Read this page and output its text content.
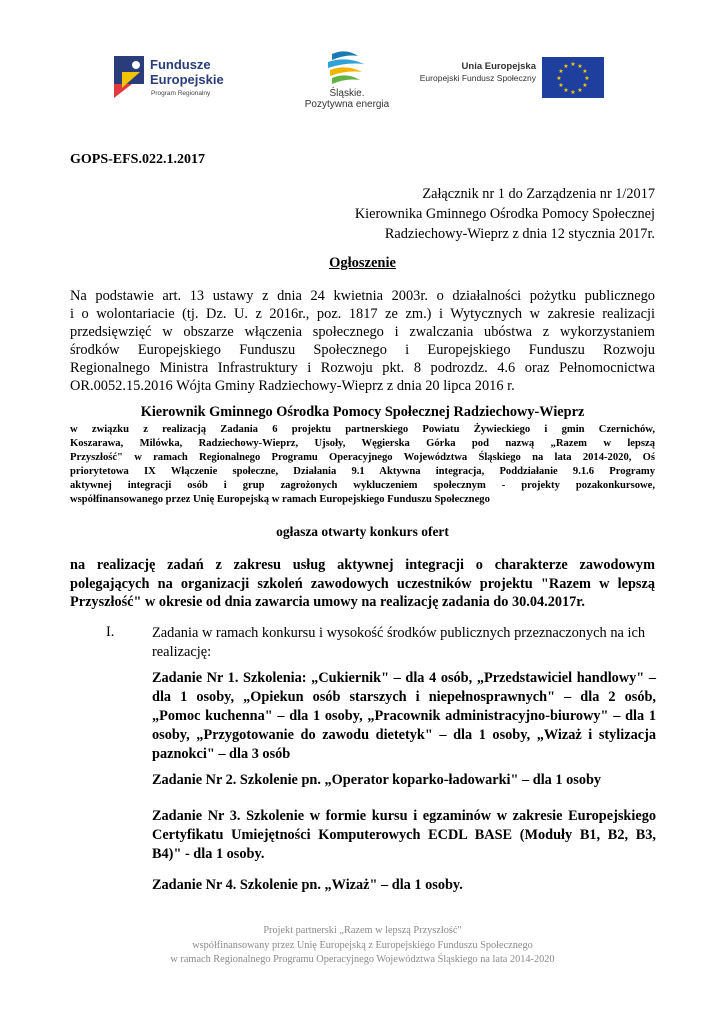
Fundusze
Europejskie
Program Regionalny	Śląskie.
Pozytywna energia
Unia Europejska
Europejski Fundusz Społeczny
★ ★
★
★
★
★
★
★
★
★
★
★
GOPS-EFS.022.1.2017
Załącznik nr 1 do Zarządzenia nr 1/2017
Kierownika Gminnego Ośrodka Pomocy Społecznej
Radziechowy-Wieprz z dnia 12 stycznia 2017r.
Ogłoszenie
Na podstawie art. 13 ustawy z dnia 24 kwietnia 2003r. o działalności pożytku publicznego
i o wolontariacie (tj. Dz. U. z 2016r., poz. 1817 ze zm.) i Wytycznych w zakresie realizacji
przedsięwzięć w obszarze włączenia społecznego i zwalczania ubóstwa z wykorzystaniem
środków Europejskiego Funduszu Społecznego i Europejskiego Funduszu Rozwoju
Regionalnego Ministra Infrastruktury i Rozwoju pkt. 8 podrozdz. 4.6 oraz Pełnomocnictwa
OR.0052.15.2016 Wójta Gminy Radziechowy-Wieprz z dnia 20 lipca 2016 r.
Kierownik Gminnego Ośrodka Pomocy Społecznej Radziechowy-Wieprz
w związku z realizacją Zadania 6 projektu partnerskiego Powiatu Żywieckiego i gmin Czernichów,
Koszarawa, Milówka, Radziechowy-Wieprz, Ujsoły, Węgierska Górka pod nazwą „Razem w lepszą
Przyszłość" w ramach Regionalnego Programu Operacyjnego Województwa Śląskiego na lata 2014-2020, Oś
priorytetowa IX Włączenie społeczne, Działania 9.1 Aktywna integracja, Poddziałanie 9.1.6 Programy
aktywnej integracji osób i grup zagrożonych wykluczeniem społecznym - projekty pozakonkursowe,
współfinansowanego przez Unię Europejską w ramach Europejskiego Funduszu Społecznego
ogłasza otwarty konkurs ofert
na realizację zadań z zakresu usług aktywnej integracji o charakterze zawodowym
polegających na organizacji szkoleń zawodowych uczestników projektu "Razem w lepszą
Przyszłość" w okresie od dnia zawarcia umowy na realizację zadania do 30.04.2017r.
I.	Zadania w ramach konkursu i wysokość środków publicznych przeznaczonych na ich realizację:
Zadanie Nr 1. Szkolenia: „Cukiernik" – dla 4 osób, „Przedstawiciel handlowy" –
dla 1 osoby, „Opiekun osób starszych i niepełnosprawnych" – dla 2 osób,
„Pomoc kuchenna" – dla 1 osoby, „Pracownik administracyjno-biurowy" – dla 1
osoby, „Przygotowanie do zawodu dietetyk" – dla 1 osoby, „Wizaż i stylizacja
paznokci" – dla 3 osób
Zadanie Nr 2. Szkolenie pn. „Operator koparko-ładowarki" – dla 1 osoby
Zadanie Nr 3. Szkolenie w formie kursu i egzaminów w zakresie Europejskiego
Certyfikatu Umiejętności Komputerowych ECDL BASE (Moduły B1, B2, B3,
B4)" - dla 1 osoby.
Zadanie Nr 4. Szkolenie pn. „Wizaż" – dla 1 osoby.
Projekt partnerski „Razem w lepszą Przyszłość"
współfinansowany przez Unię Europejską z Europejskiego Funduszu Społecznego
w ramach Regionalnego Programu Operacyjnego Województwa Śląskiego na lata 2014-2020
